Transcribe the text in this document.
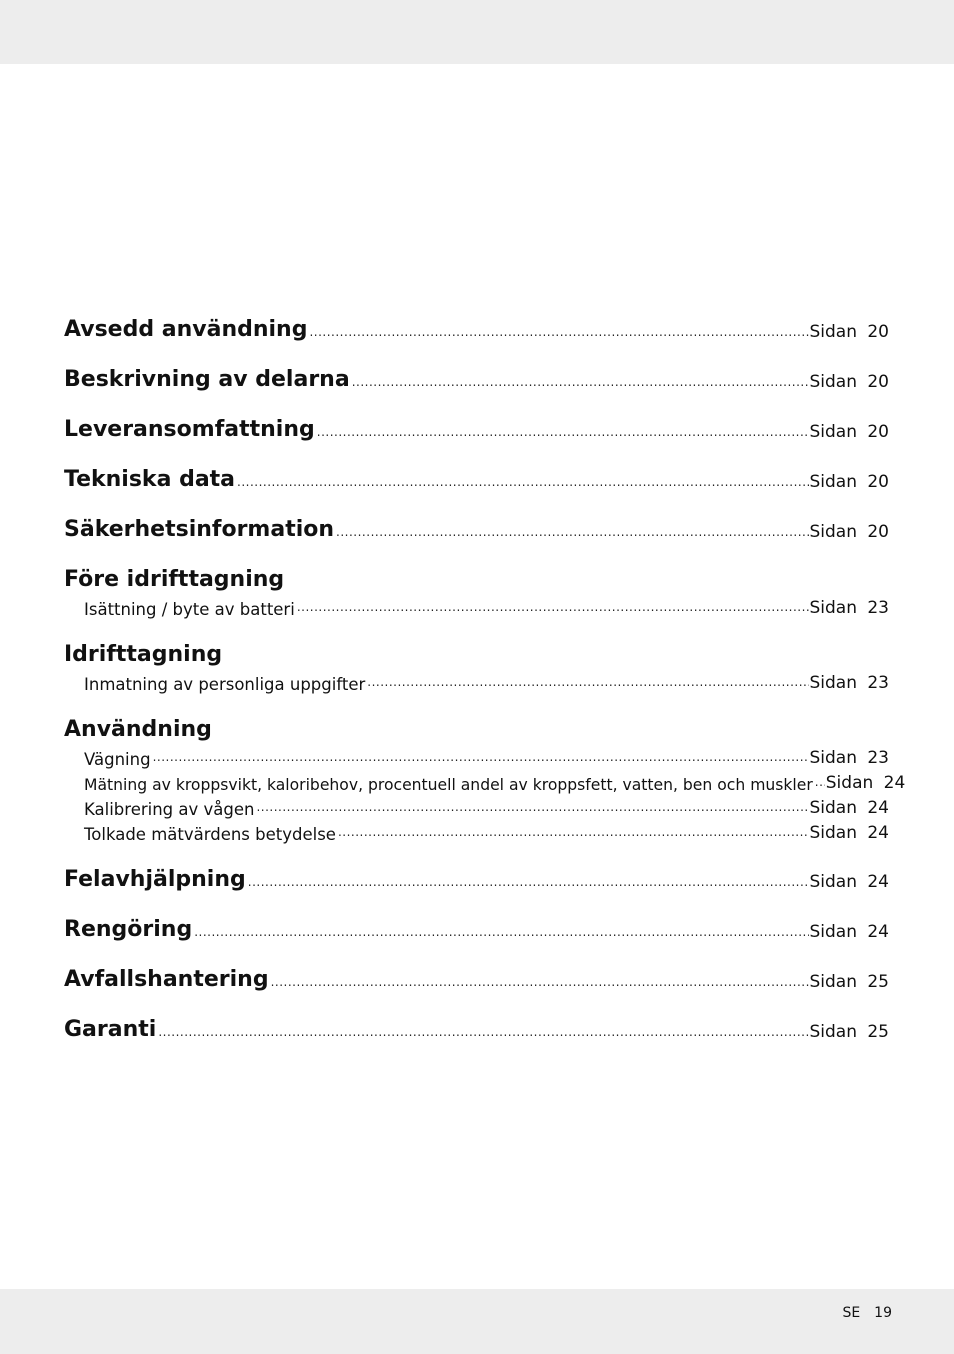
Avsedd användning .....	Sidan 20
Beskrivning av delarna .....	Sidan 20
Leveransomfattning .....	Sidan 20
Tekniska data .....	Sidan 20
Säkerhetsinformation .....	Sidan 20
Före idrifttagning
Isättning / byte av batteri .....	Sidan 23
Idrifttagning
Inmatning av personliga uppgifter .....	Sidan 23
Användning
Vägning .....	Sidan 23
Mätning av kroppsvikt, kaloribehov, procentuell andel av kroppsfett, vatten, ben och muskler ..... Sidan 24
Kalibrering av vågen .....	Sidan 24
Tolkade mätvärdens betydelse .....	Sidan 24
Felavhjälpning .....	Sidan 24
Rengöring .....	Sidan 24
Avfallshantering .....	Sidan 25
Garanti .....	Sidan 25
SE 19
